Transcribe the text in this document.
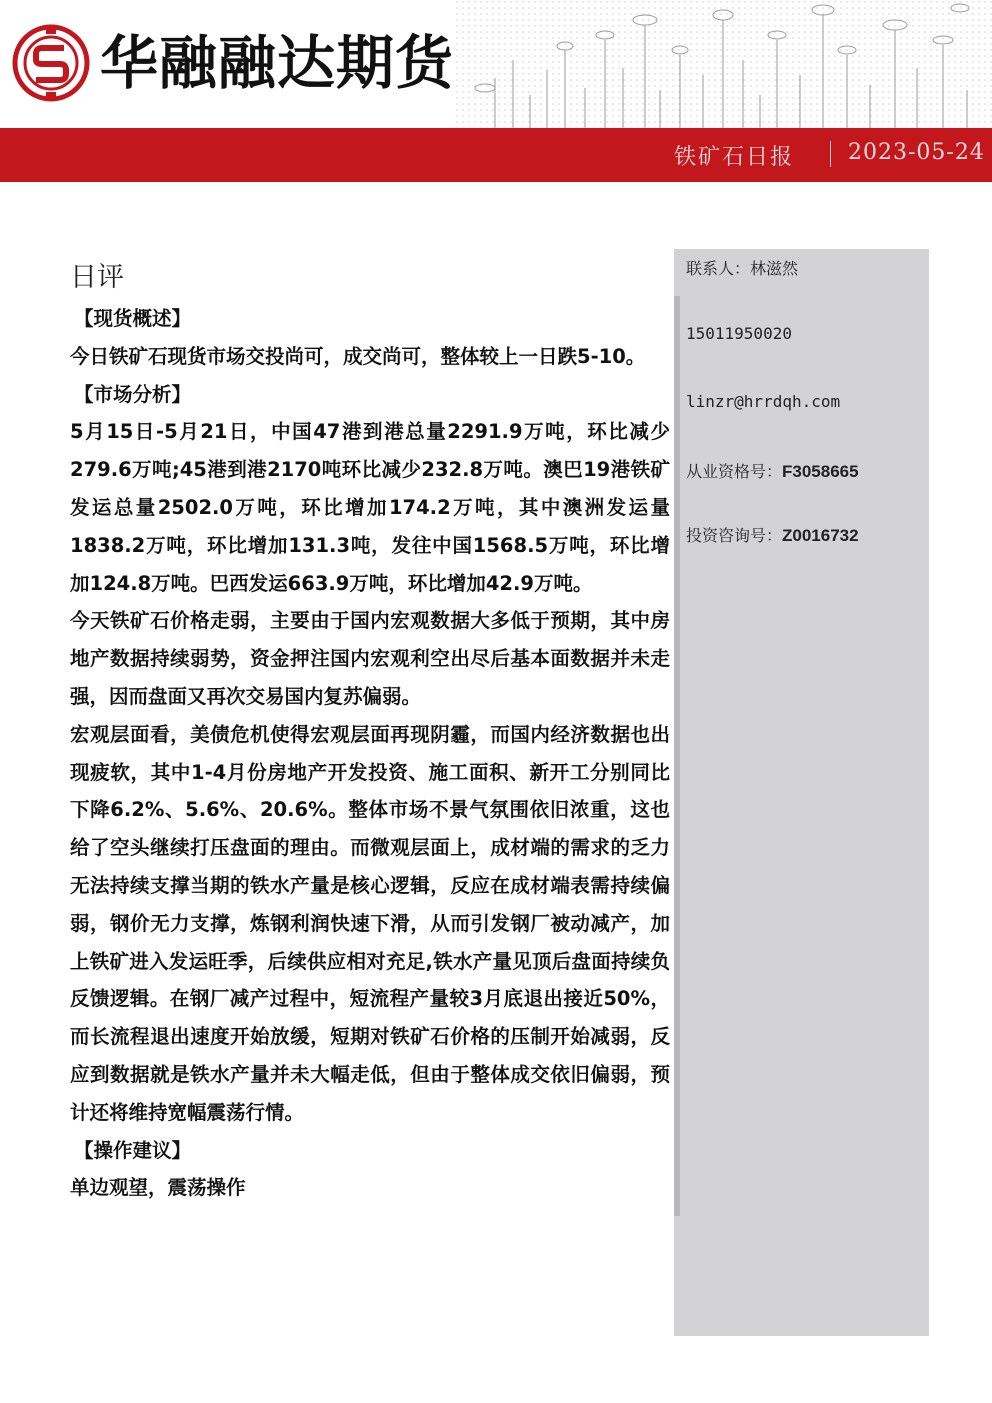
华融融达期货
铁矿石日报 2023-05-24
联系人：林滋然
15011950020
linzr@hrrdqh.com
从业资格号：F3058665
投资咨询号：Z0016732
日评

【现货概述】

今日铁矿石现货市场交投尚可，成交尚可，整体较上一日跌5-10。

【市场分析】

5月15日-5月21日，中国47港到港总量2291.9万吨，环比减少279.6万吨;45港到港2170吨环比减少232.8万吨。澳巴19港铁矿发运总量2502.0万吨，环比增加174.2万吨，其中澳洲发运量1838.2万吨，环比增加131.3吨，发往中国1568.5万吨，环比增加124.8万吨。巴西发运663.9万吨，环比增加42.9万吨。

今天铁矿石价格走弱，主要由于国内宏观数据大多低于预期，其中房地产数据持续弱势，资金押注国内宏观利空出尽后基本面数据并未走强，因而盘面又再次交易国内复苏偏弱。

宏观层面看，美债危机使得宏观层面再现阴霾，而国内经济数据也出现疲软，其中1-4月份房地产开发投资、施工面积、新开工分别同比下降6.2%、5.6%、20.6%。整体市场不景气氛围依旧浓重，这也给了空头继续打压盘面的理由。而微观层面上，成材端的需求的乏力无法持续支撑当期的铁水产量是核心逻辑，反应在成材端表需持续偏弱，钢价无力支撑，炼钢利润快速下滑，从而引发钢厂被动减产，加上铁矿进入发运旺季，后续供应相对充足,铁水产量见顶后盘面持续负反馈逻辑。在钢厂减产过程中，短流程产量较3月底退出接近50%，而长流程退出速度开始放缓，短期对铁矿石价格的压制开始减弱，反应到数据就是铁水产量并未大幅走低，但由于整体成交依旧偏弱，预计还将维持宽幅震荡行情。

【操作建议】

单边观望，震荡操作
